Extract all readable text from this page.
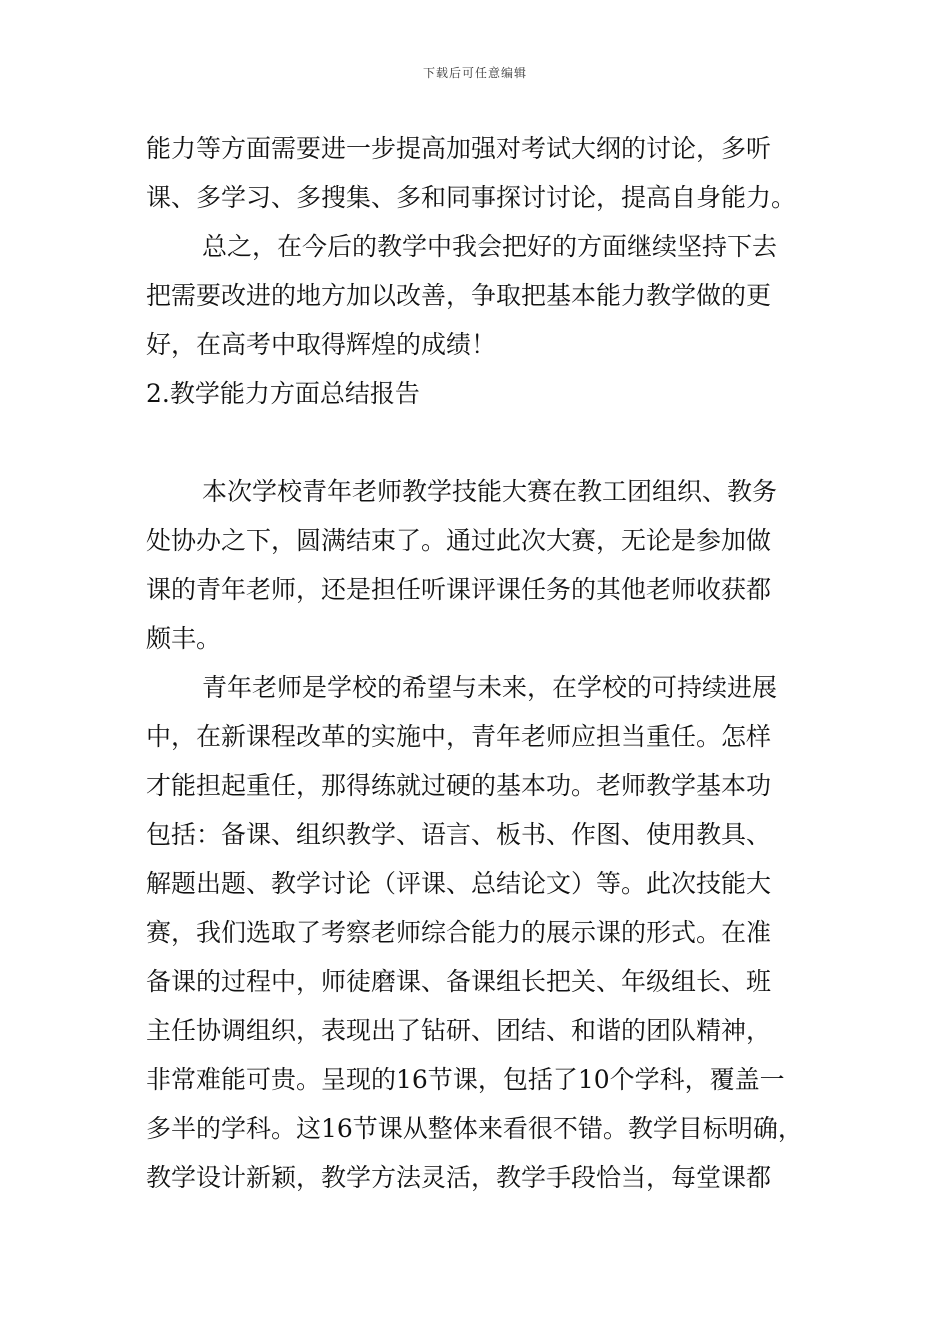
下载后可任意编辑
能力等方面需要进一步提高加强对考试大纲的讨论，多听
课、多学习、多搜集、多和同事探讨讨论，提高自身能力。
总之，在今后的教学中我会把好的方面继续坚持下去
把需要改进的地方加以改善，争取把基本能力教学做的更
好，在高考中取得辉煌的成绩！
2.教学能力方面总结报告
本次学校青年老师教学技能大赛在教工团组织、教务
处协办之下，圆满结束了。通过此次大赛，无论是参加做
课的青年老师，还是担任听课评课任务的其他老师收获都
颇丰。
青年老师是学校的希望与未来，在学校的可持续进展
中，在新课程改革的实施中，青年老师应担当重任。怎样
才能担起重任，那得练就过硬的基本功。老师教学基本功
包括：备课、组织教学、语言、板书、作图、使用教具、
解题出题、教学讨论（评课、总结论文）等。此次技能大
赛，我们选取了考察老师综合能力的展示课的形式。在准
备课的过程中，师徒磨课、备课组长把关、年级组长、班
主任协调组织，表现出了钻研、团结、和谐的团队精神，
非常难能可贵。呈现的16节课，包括了10个学科，覆盖一
多半的学科。这16节课从整体来看很不错。教学目标明确，
教学设计新颖，教学方法灵活，教学手段恰当，每堂课都
